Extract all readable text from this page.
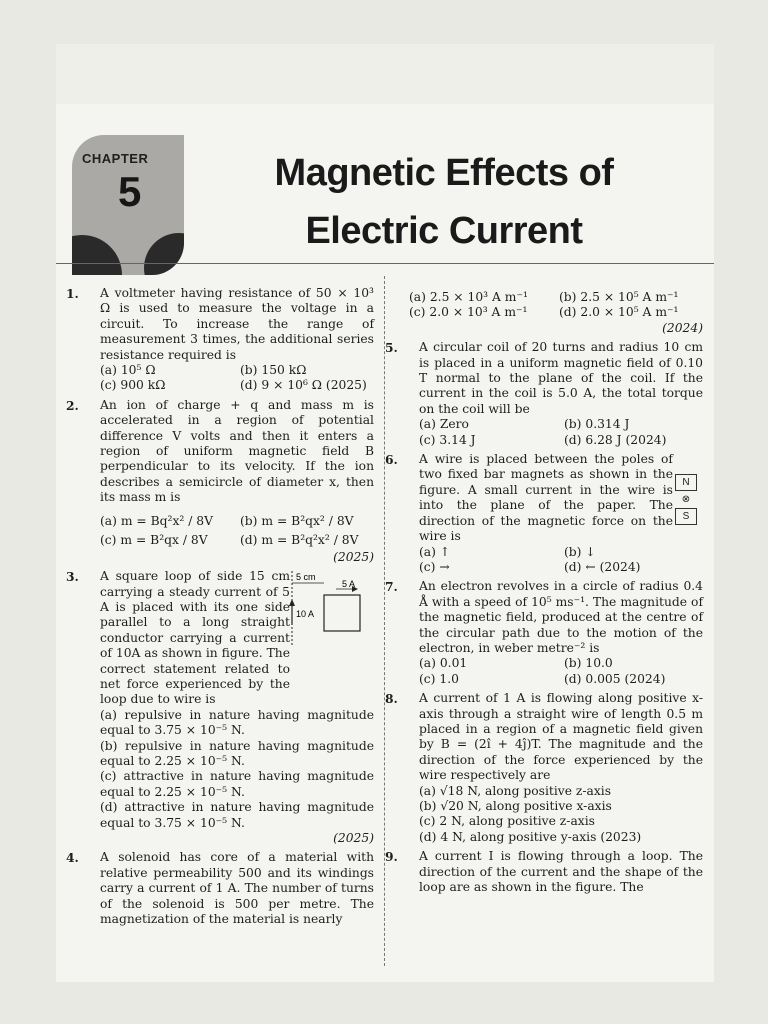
CHAPTER
5	Magnetic Effects of
Electric Current
1. A voltmeter having resistance of 50 × 10³ Ω is used to measure the voltage in a circuit. To increase the range of measurement 3 times, the additional series resistance required is
(a) 10⁵ Ω	(b) 150 kΩ
(c) 900 kΩ	(d) 9 × 10⁶ Ω (2025)
2. An ion of charge + q and mass m is accelerated in a region of potential difference V volts and then it enters a region of uniform magnetic field B perpendicular to its velocity. If the ion describes a semicircle of diameter x, then its mass m is
(a) m = Bq²x² / 8V	(b) m = B²qx² / 8V
(c) m = B²qx / 8V	(d) m = B²q²x² / 8V
(2025)
3. A square loop of side 15 cm carrying a steady current of 5 A is placed with its one side parallel to a long straight conductor carrying a current of 10A as shown in figure. The correct statement related to net force experienced by the loop due to wire is
(a) repulsive in nature having magnitude equal to 3.75 × 10⁻⁵ N.
(b) repulsive in nature having magnitude equal to 2.25 × 10⁻⁵ N.
(c) attractive in nature having magnitude equal to 2.25 × 10⁻⁵ N.
(d) attractive in nature having magnitude equal to 3.75 × 10⁻⁵ N.
(2025)
5 cm
5 A
10 A
4. A solenoid has core of a material with relative permeability 500 and its windings carry a current of 1 A. The number of turns of the solenoid is 500 per metre. The magnetization of the material is nearly
(a) 2.5 × 10³ A m⁻¹	(b) 2.5 × 10⁵ A m⁻¹
(c) 2.0 × 10³ A m⁻¹	(d) 2.0 × 10⁵ A m⁻¹
(2024)
5. A circular coil of 20 turns and radius 10 cm is placed in a uniform magnetic field of 0.10 T normal to the plane of the coil. If the current in the coil is 5.0 A, the total torque on the coil will be
(a) Zero	(b) 0.314 J
(c) 3.14 J	(d) 6.28 J (2024)
6. A wire is placed between the poles of two fixed bar magnets as shown in the figure. A small current in the wire is into the plane of the paper. The direction of the magnetic force on the wire is
(a) ↑	(b) ↓
(c) →	(d) ← (2024)
N
⊗
S
7. An electron revolves in a circle of radius 0.4 Å with a speed of 10⁵ ms⁻¹. The magnitude of the magnetic field, produced at the centre of the circular path due to the motion of the electron, in weber metre⁻² is
(a) 0.01	(b) 10.0
(c) 1.0	(d) 0.005 (2024)
8. A current of 1 A is flowing along positive x-axis through a straight wire of length 0.5 m placed in a region of a magnetic field given by B = (2î + 4ĵ)T. The magnitude and the direction of the force experienced by the wire respectively are
(a) √18 N, along positive z-axis
(b) √20 N, along positive x-axis
(c) 2 N, along positive z-axis
(d) 4 N, along positive y-axis (2023)
9. A current I is flowing through a loop. The direction of the current and the shape of the loop are as shown in the figure. The
